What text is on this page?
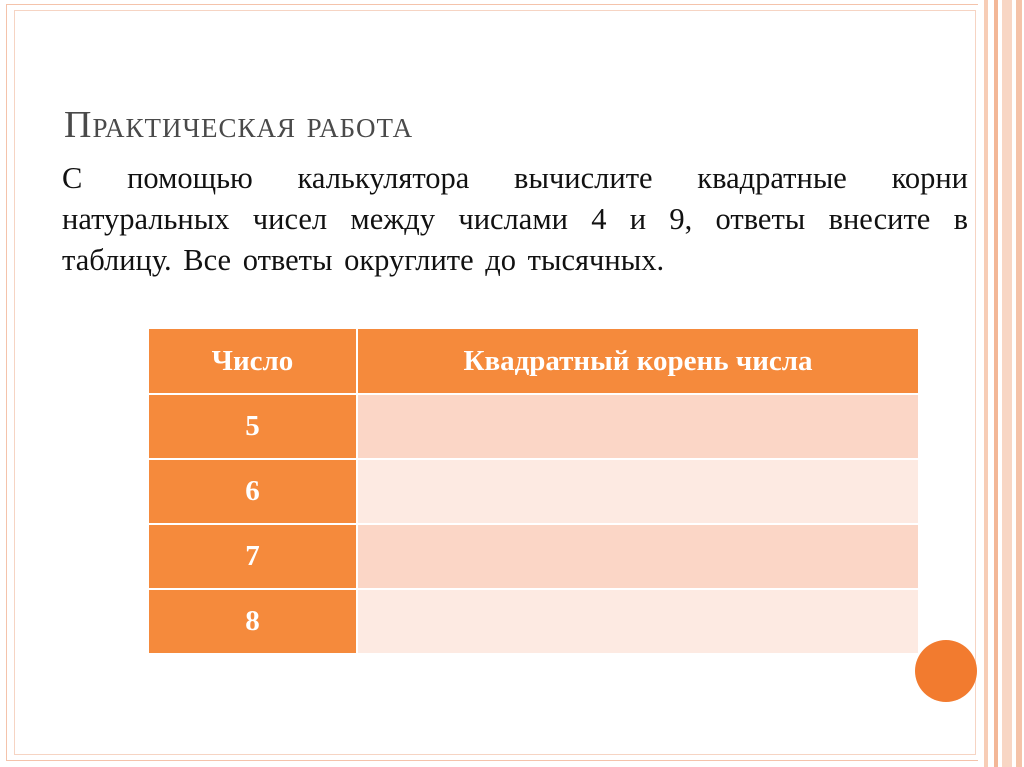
Практическая работа

С помощью калькулятора вычислите квадратные корни натуральных чисел между числами 4 и 9, ответы внесите в таблицу. Все ответы округлите до тысячных.

Число	Квадратный корень числа
5	
6	
7	
8	
